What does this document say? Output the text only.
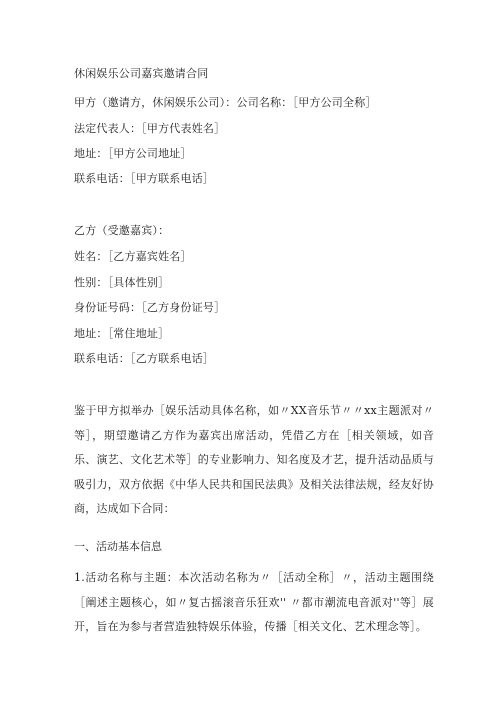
休闲娱乐公司嘉宾邀请合同
甲方（邀请方，休闲娱乐公司）：公司名称：［甲方公司全称］
法定代表人：［甲方代表姓名］
地址：［甲方公司地址］
联系电话：［甲方联系电话］
乙方（受邀嘉宾）：
姓名：［乙方嘉宾姓名］
性别：［具体性别］
身份证号码：［乙方身份证号］
地址：［常住地址］
联系电话：［乙方联系电话］
鉴于甲方拟举办［娱乐活动具体名称，如〃XX音乐节〃〃xx主题派对〃等］，期望邀请乙方作为嘉宾出席活动，凭借乙方在［相关领域，如音乐、演艺、文化艺术等］的专业影响力、知名度及才艺，提升活动品质与吸引力，双方依据《中华人民共和国民法典》及相关法律法规，经友好协商，达成如下合同：
一、活动基本信息
1.活动名称与主题：本次活动名称为〃［活动全称］〃，活动主题围绕［阐述主题核心，如〃复古摇滚音乐狂欢'' 〃都市潮流电音派对''等］展开，旨在为参与者营造独特娱乐体验，传播［相关文化、艺术理念等］。
